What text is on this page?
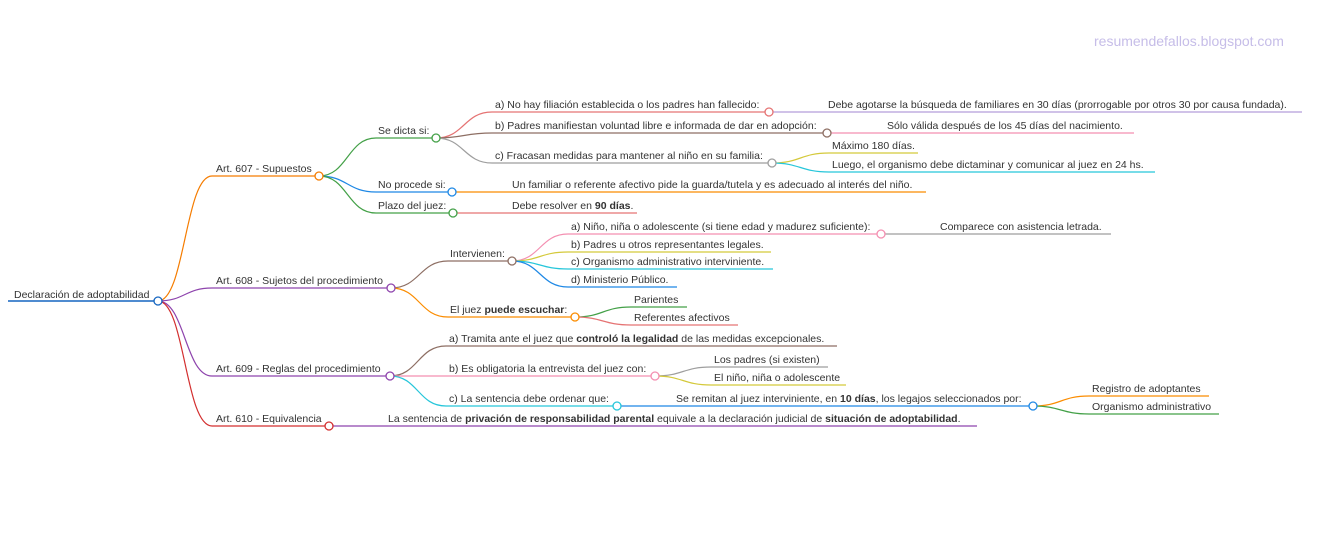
resumendefallos.blogspot.com
Declaración de adoptabilidad
Art. 607 - Supuestos
Se dicta si:
a) No hay filiación establecida o los padres han fallecido:	Debe agotarse la búsqueda de familiares en 30 días (prorrogable por otros 30 por causa fundada).
b) Padres manifiestan voluntad libre e informada de dar en adopción:	Sólo válida después de los 45 días del nacimiento.
c) Fracasan medidas para mantener al niño en su familia:
Máximo 180 días.
Luego, el organismo debe dictaminar y comunicar al juez en 24 hs.
No procede si:	Un familiar o referente afectivo pide la guarda/tutela y es adecuado al interés del niño.
Plazo del juez:	Debe resolver en 90 días.
Art. 608 - Sujetos del procedimiento
Intervienen:
a) Niño, niña o adolescente (si tiene edad y madurez suficiente):	Comparece con asistencia letrada.
b) Padres u otros representantes legales.
c) Organismo administrativo interviniente.
d) Ministerio Público.
El juez puede escuchar:
Parientes
Referentes afectivos
Art. 609 - Reglas del procedimiento
a) Tramita ante el juez que controló la legalidad de las medidas excepcionales.
b) Es obligatoria la entrevista del juez con:
Los padres (si existen)
El niño, niña o adolescente
c) La sentencia debe ordenar que:	Se remitan al juez interviniente, en 10 días, los legajos seleccionados por:
Registro de adoptantes
Organismo administrativo
Art. 610 - Equivalencia	La sentencia de privación de responsabilidad parental equivale a la declaración judicial de situación de adoptabilidad.
